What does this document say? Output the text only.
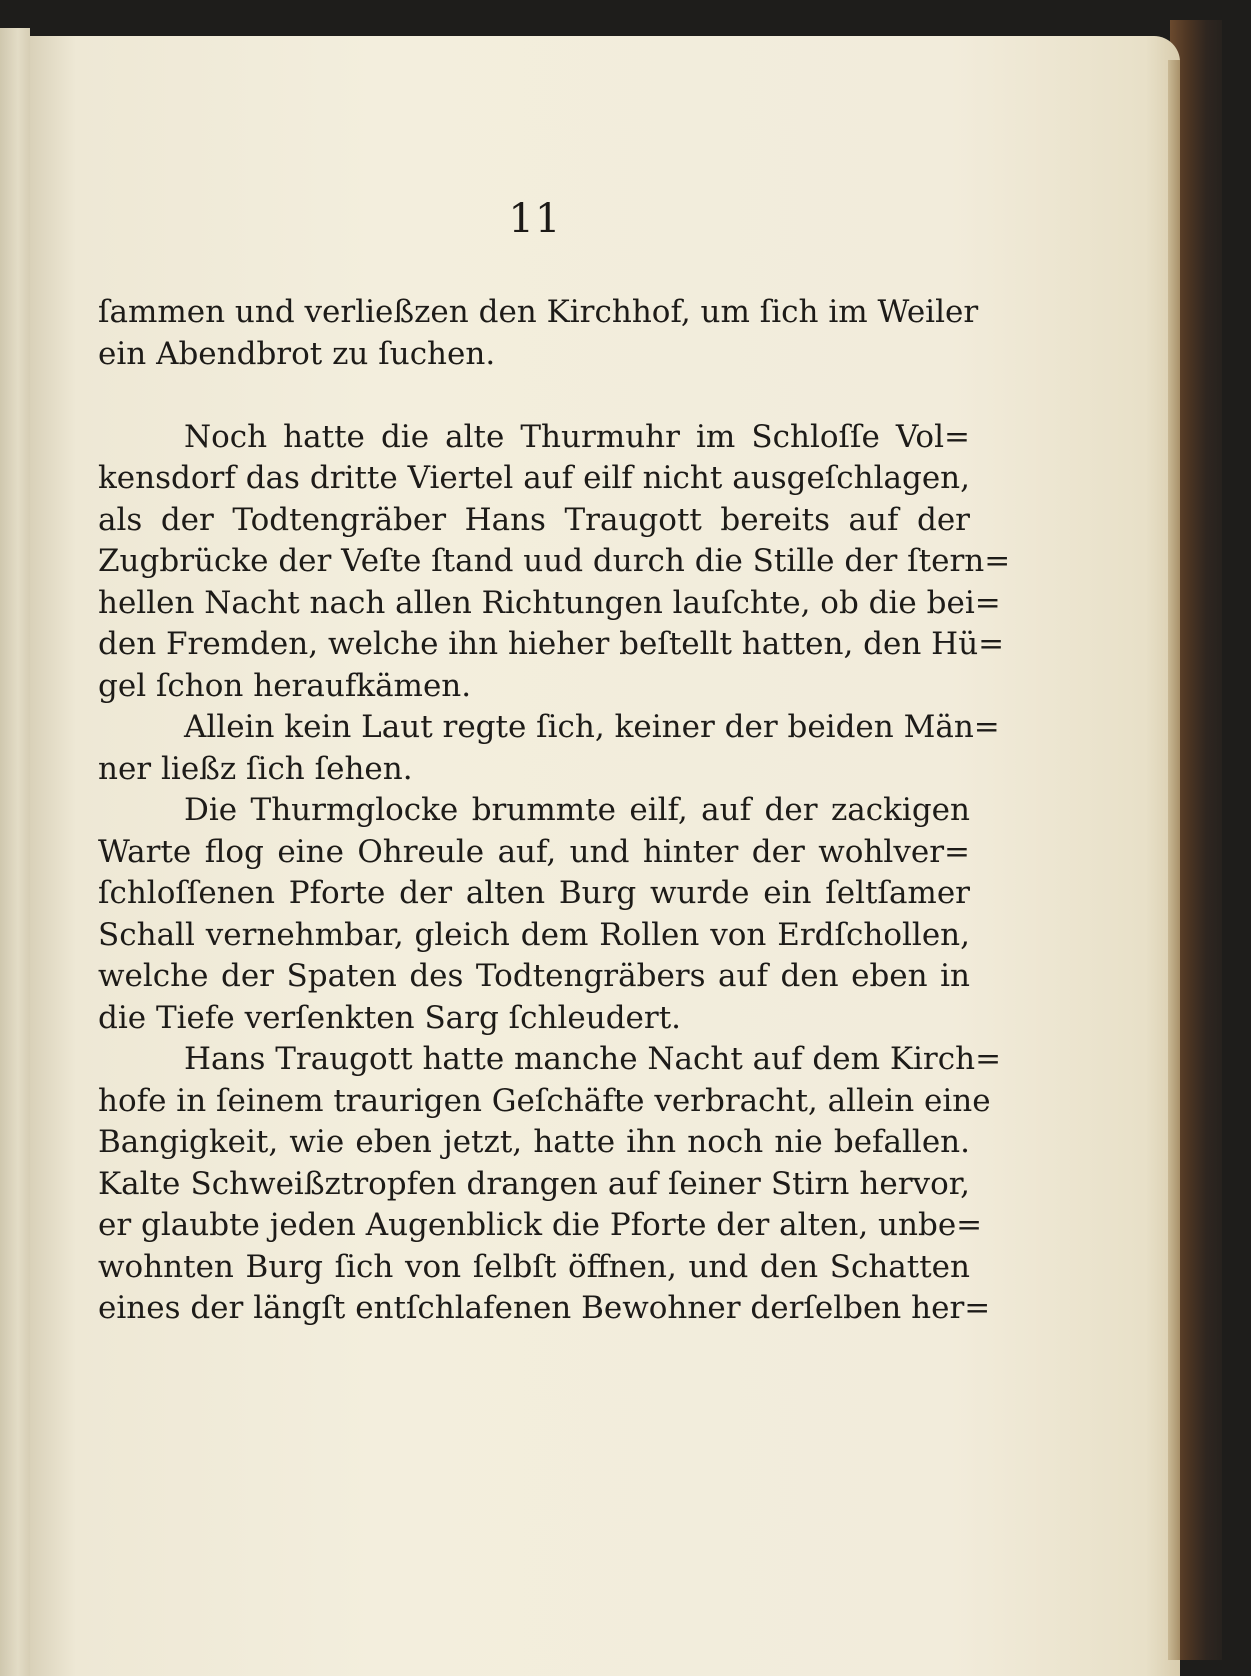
11
ſammen und verließzen den Kirchhof, um ſich im Weiler
ein Abendbrot zu ſuchen.
Noch hatte die alte Thurmuhr im Schloſſe Vol=
kensdorf das dritte Viertel auf eilf nicht ausgeſchlagen,
als der Todtengräber Hans Traugott bereits auf der
Zugbrücke der Veſte ſtand uud durch die Stille der ſtern=
hellen Nacht nach allen Richtungen lauſchte, ob die bei=
den Fremden, welche ihn hieher beſtellt hatten, den Hü=
gel ſchon heraufkämen.
Allein kein Laut regte ſich, keiner der beiden Män=
ner ließz ſich ſehen.
Die Thurmglocke brummte eilf, auf der zackigen
Warte flog eine Ohreule auf, und hinter der wohlver=
ſchloſſenen Pforte der alten Burg wurde ein ſeltſamer
Schall vernehmbar, gleich dem Rollen von Erdſchollen,
welche der Spaten des Todtengräbers auf den eben in
die Tiefe verſenkten Sarg ſchleudert.
Hans Traugott hatte manche Nacht auf dem Kirch=
hofe in ſeinem traurigen Geſchäfte verbracht, allein eine
Bangigkeit, wie eben jetzt, hatte ihn noch nie befallen.
Kalte Schweißztropfen drangen auf ſeiner Stirn hervor,
er glaubte jeden Augenblick die Pforte der alten, unbe=
wohnten Burg ſich von ſelbſt öffnen, und den Schatten
eines der längſt entſchlafenen Bewohner derſelben her=
